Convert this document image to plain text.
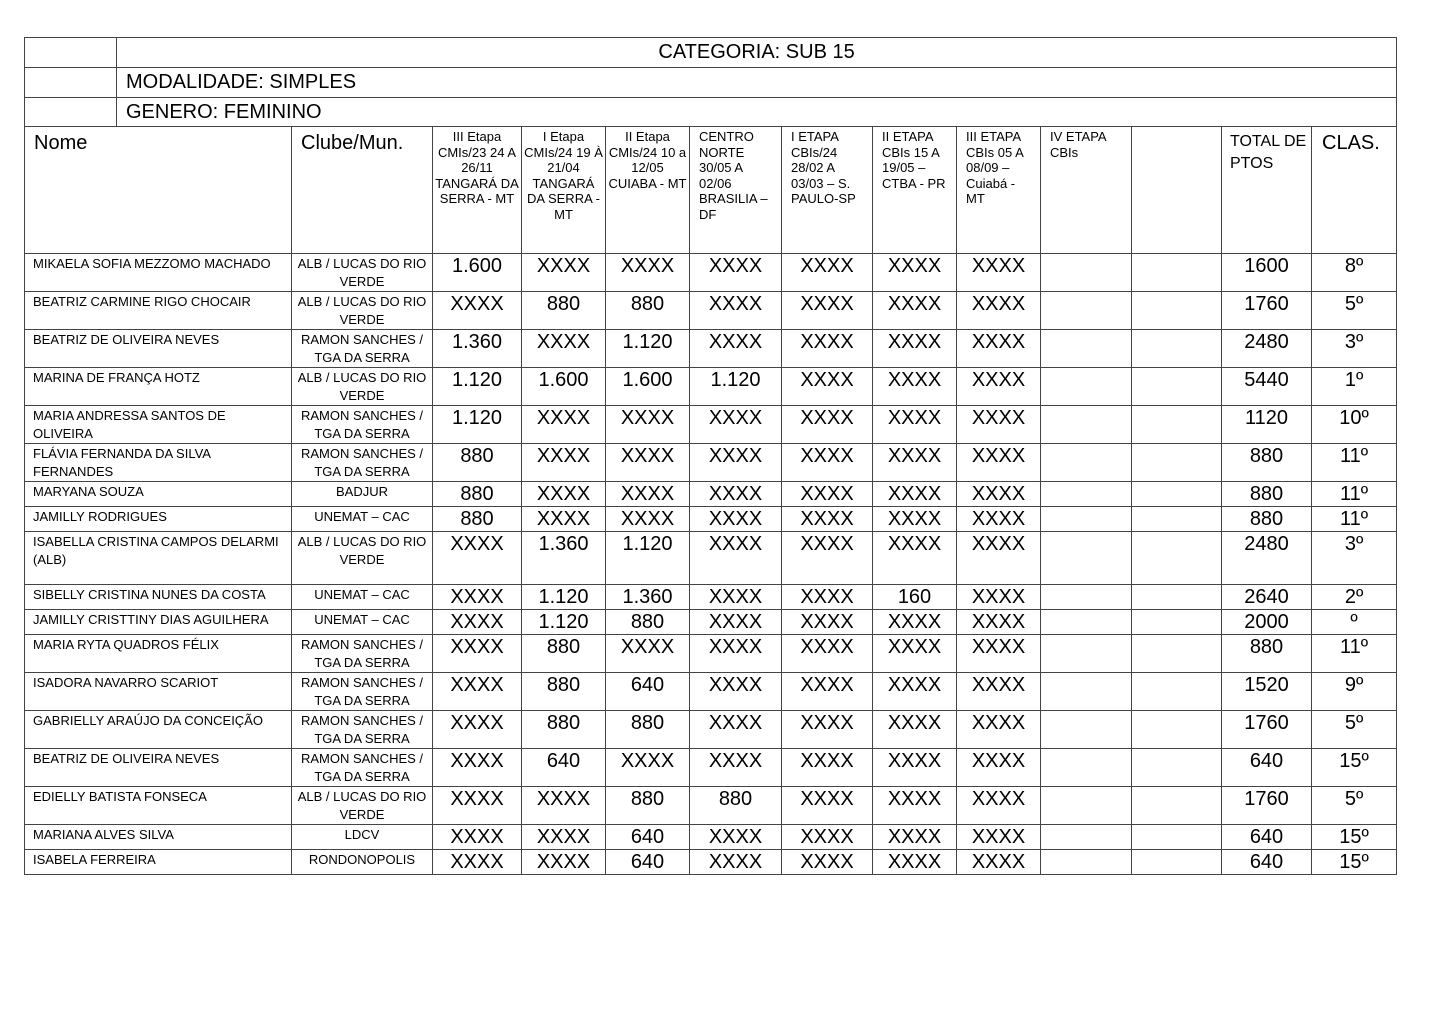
	CATEGORIA: SUB 15												

	MODALIDADE: SIMPLES												

	GENERO: FEMININO												

Nome		Clube/Mun.	III Etapa CMIs/23 24 A 26/11 TANGARÁ DA SERRA - MT	I Etapa CMIs/24 19 À 21/04 TANGARÁ DA SERRA - MT	II Etapa CMIs/24 10 a 12/05 CUIABA - MT	CENTRO NORTE 30/05 A 02/06 BRASILIA – DF	I ETAPA CBIs/24 28/02 A 03/03 – S. PAULO-SP	II ETAPA CBIs 15 A 19/05 – CTBA - PR	III ETAPA CBIs 05 A 08/09 – Cuiabá - MT	IV ETAPA CBIs		TOTAL DE PTOS	CLAS.

MIKAELA SOFIA MEZZOMO MACHADO		ALB / LUCAS DO RIO VERDE	1.600	XXXX	XXXX	XXXX	XXXX	XXXX	XXXX			1600	8º

BEATRIZ CARMINE RIGO CHOCAIR		ALB / LUCAS DO RIO VERDE	XXXX	880	880	XXXX	XXXX	XXXX	XXXX			1760	5º

BEATRIZ DE OLIVEIRA NEVES		RAMON SANCHES / TGA DA SERRA	1.360	XXXX	1.120	XXXX	XXXX	XXXX	XXXX			2480	3º

MARINA DE FRANÇA HOTZ		ALB / LUCAS DO RIO VERDE	1.120	1.600	1.600	1.120	XXXX	XXXX	XXXX			5440	1º

MARIA ANDRESSA SANTOS DE OLIVEIRA		RAMON SANCHES / TGA DA SERRA	1.120	XXXX	XXXX	XXXX	XXXX	XXXX	XXXX			1120	10º

FLÁVIA FERNANDA DA SILVA FERNANDES		RAMON SANCHES / TGA DA SERRA	880	XXXX	XXXX	XXXX	XXXX	XXXX	XXXX			880	11º

MARYANA SOUZA		BADJUR	880	XXXX	XXXX	XXXX	XXXX	XXXX	XXXX			880	11º

JAMILLY RODRIGUES		UNEMAT – CAC	880	XXXX	XXXX	XXXX	XXXX	XXXX	XXXX			880	11º

ISABELLA CRISTINA CAMPOS DELARMI (ALB)		ALB / LUCAS DO RIO VERDE	XXXX	1.360	1.120	XXXX	XXXX	XXXX	XXXX			2480	3º

SIBELLY CRISTINA NUNES DA COSTA		UNEMAT – CAC	XXXX	1.120	1.360	XXXX	XXXX	160	XXXX			2640	2º

JAMILLY CRISTTINY DIAS AGUILHERA		UNEMAT – CAC	XXXX	1.120	880	XXXX	XXXX	XXXX	XXXX			2000	º

MARIA RYTA QUADROS FÉLIX		RAMON SANCHES / TGA DA SERRA	XXXX	880	XXXX	XXXX	XXXX	XXXX	XXXX			880	11º

ISADORA NAVARRO SCARIOT		RAMON SANCHES / TGA DA SERRA	XXXX	880	640	XXXX	XXXX	XXXX	XXXX			1520	9º

GABRIELLY ARAÚJO DA CONCEIÇÃO		RAMON SANCHES / TGA DA SERRA	XXXX	880	880	XXXX	XXXX	XXXX	XXXX			1760	5º

BEATRIZ DE OLIVEIRA NEVES		RAMON SANCHES / TGA DA SERRA	XXXX	640	XXXX	XXXX	XXXX	XXXX	XXXX			640	15º

EDIELLY BATISTA FONSECA		ALB / LUCAS DO RIO VERDE	XXXX	XXXX	880	880	XXXX	XXXX	XXXX			1760	5º

MARIANA ALVES SILVA		LDCV	XXXX	XXXX	640	XXXX	XXXX	XXXX	XXXX			640	15º

ISABELA FERREIRA		RONDONOPOLIS	XXXX	XXXX	640	XXXX	XXXX	XXXX	XXXX			640	15º
